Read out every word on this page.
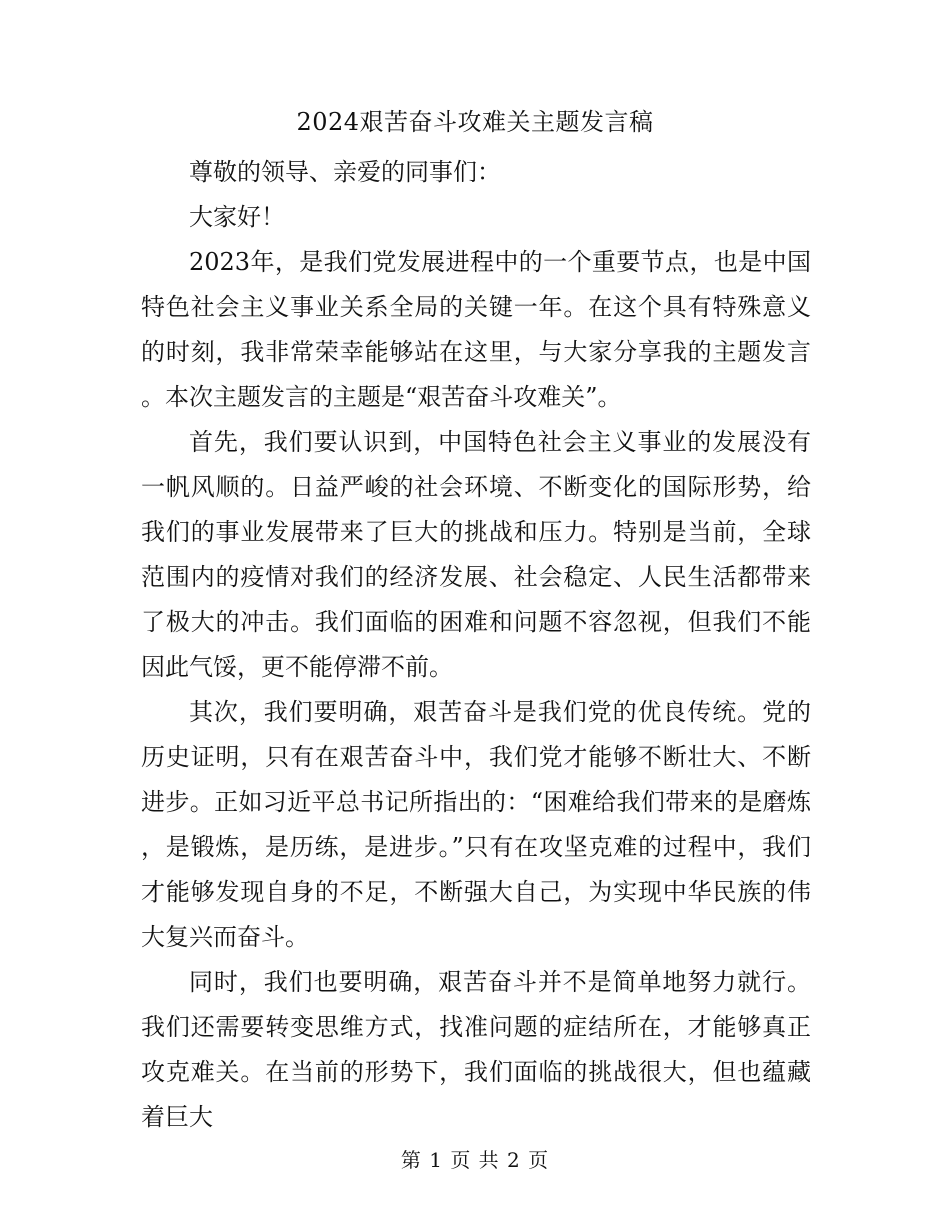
2024艰苦奋斗攻难关主题发言稿

尊敬的领导、亲爱的同事们：

大家好！

2023年，是我们党发展进程中的一个重要节点，也是中国特色社会主义事业关系全局的关键一年。在这个具有特殊意义的时刻，我非常荣幸能够站在这里，与大家分享我的主题发言。本次主题发言的主题是“艰苦奋斗攻难关”。

首先，我们要认识到，中国特色社会主义事业的发展没有一帆风顺的。日益严峻的社会环境、不断变化的国际形势，给我们的事业发展带来了巨大的挑战和压力。特别是当前，全球范围内的疫情对我们的经济发展、社会稳定、人民生活都带来了极大的冲击。我们面临的困难和问题不容忽视，但我们不能因此气馁，更不能停滞不前。

其次，我们要明确，艰苦奋斗是我们党的优良传统。党的历史证明，只有在艰苦奋斗中，我们党才能够不断壮大、不断进步。正如习近平总书记所指出的：“困难给我们带来的是磨炼，是锻炼，是历练，是进步。”只有在攻坚克难的过程中，我们才能够发现自身的不足，不断强大自己，为实现中华民族的伟大复兴而奋斗。

同时，我们也要明确，艰苦奋斗并不是简单地努力就行。我们还需要转变思维方式，找准问题的症结所在，才能够真正攻克难关。在当前的形势下，我们面临的挑战很大，但也蕴藏着巨大

第 1 页 共 2 页
